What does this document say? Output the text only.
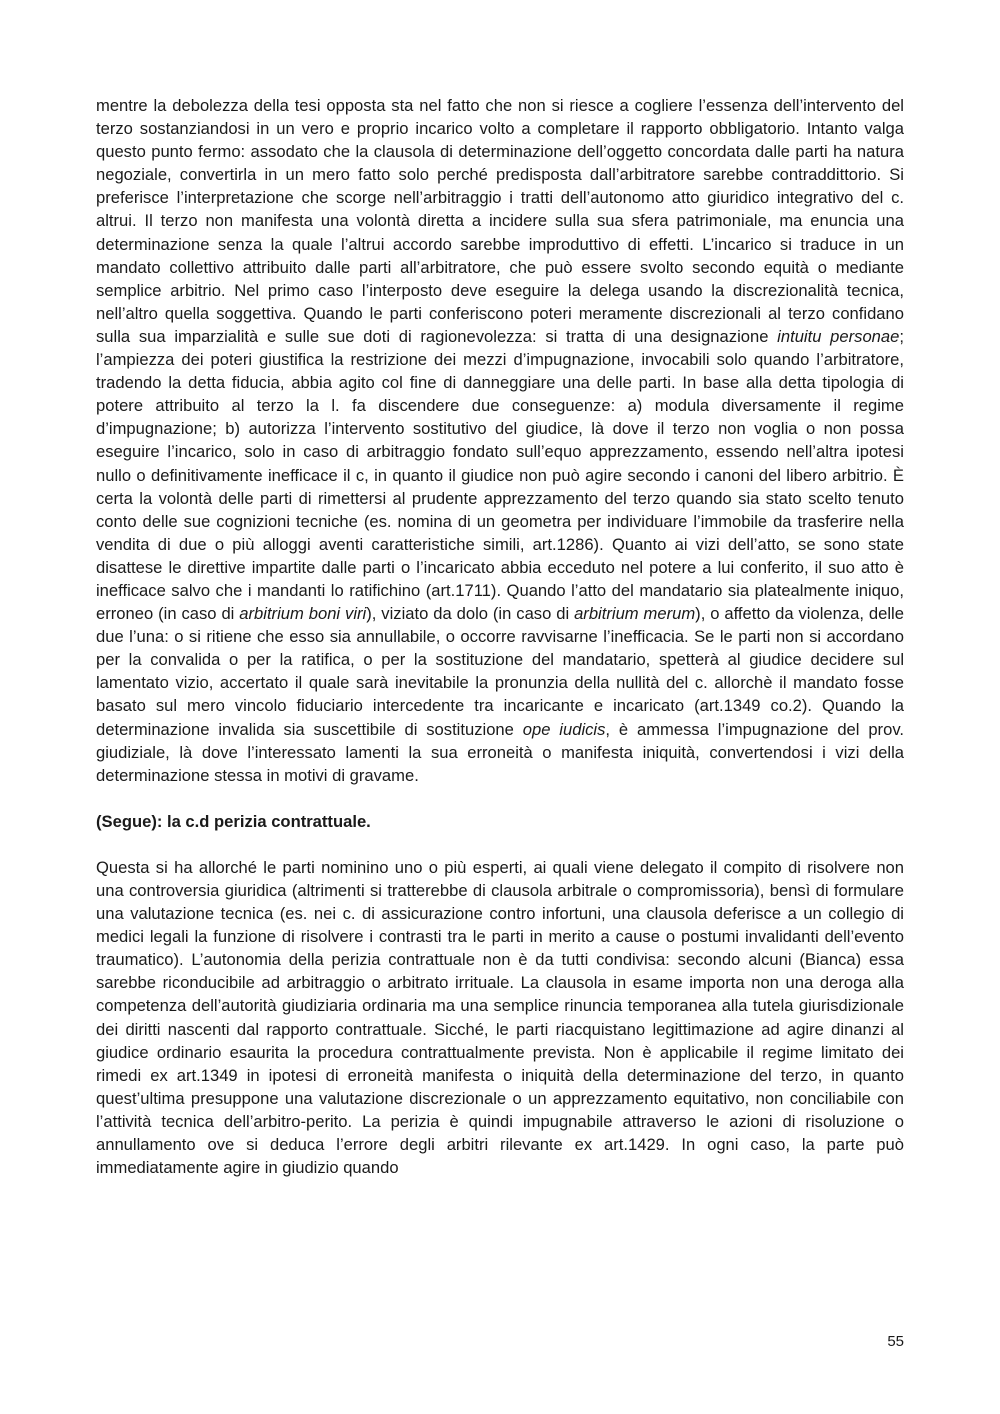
mentre la debolezza della tesi opposta sta nel fatto che non si riesce a cogliere l’essenza dell’intervento del terzo sostanziandosi in un vero e proprio incarico volto a completare il rapporto obbligatorio. Intanto valga questo punto fermo: assodato che la clausola di determinazione dell’oggetto concordata dalle parti ha natura negoziale, convertirla in un mero fatto solo perché predisposta dall’arbitratore sarebbe contraddittorio. Si preferisce l’interpretazione che scorge nell’arbitraggio i tratti dell’autonomo atto giuridico integrativo del c. altrui. Il terzo non manifesta una volontà diretta a incidere sulla sua sfera patrimoniale, ma enuncia una determinazione senza la quale l’altrui accordo sarebbe improduttivo di effetti. L’incarico si traduce in un mandato collettivo attribuito dalle parti all’arbitratore, che può essere svolto secondo equità o mediante semplice arbitrio. Nel primo caso l’interposto deve eseguire la delega usando la discrezionalità tecnica, nell’altro quella soggettiva. Quando le parti conferiscono poteri meramente discrezionali al terzo confidano sulla sua imparzialità e sulle sue doti di ragionevolezza: si tratta di una designazione intuitu personae; l’ampiezza dei poteri giustifica la restrizione dei mezzi d’impugnazione, invocabili solo quando l’arbitratore, tradendo la detta fiducia, abbia agito col fine di danneggiare una delle parti. In base alla detta tipologia di potere attribuito al terzo la l. fa discendere due conseguenze: a) modula diversamente il regime d’impugnazione; b) autorizza l’intervento sostitutivo del giudice, là dove il terzo non voglia o non possa eseguire l’incarico, solo in caso di arbitraggio fondato sull’equo apprezzamento, essendo nell’altra ipotesi nullo o definitivamente inefficace il c, in quanto il giudice non può agire secondo i canoni del libero arbitrio. È certa la volontà delle parti di rimettersi al prudente apprezzamento del terzo quando sia stato scelto tenuto conto delle sue cognizioni tecniche (es. nomina di un geometra per individuare l’immobile da trasferire nella vendita di due o più alloggi aventi caratteristiche simili, art.1286). Quanto ai vizi dell’atto, se sono state disattese le direttive impartite dalle parti o l’incaricato abbia ecceduto nel potere a lui conferito, il suo atto è inefficace salvo che i mandanti lo ratifichino (art.1711). Quando l’atto del mandatario sia platealmente iniquo, erroneo (in caso di arbitrium boni viri), viziato da dolo (in caso di arbitrium merum), o affetto da violenza, delle due l’una: o si ritiene che esso sia annullabile, o occorre ravvisarne l’inefficacia. Se le parti non si accordano per la convalida o per la ratifica, o per la sostituzione del mandatario, spetterà al giudice decidere sul lamentato vizio, accertato il quale sarà inevitabile la pronunzia della nullità del c. allorchè il mandato fosse basato sul mero vincolo fiduciario intercedente tra incaricante e incaricato (art.1349 co.2). Quando la determinazione invalida sia suscettibile di sostituzione ope iudicis, è ammessa l’impugnazione del prov. giudiziale, là dove l’interessato lamenti la sua erroneità o manifesta iniquità, convertendosi i vizi della determinazione stessa in motivi di gravame.

(Segue): la c.d perizia contrattuale.

Questa si ha allorché le parti nominino uno o più esperti, ai quali viene delegato il compito di risolvere non una controversia giuridica (altrimenti si tratterebbe di clausola arbitrale o compromissoria), bensì di formulare una valutazione tecnica (es. nei c. di assicurazione contro infortuni, una clausola deferisce a un collegio di medici legali la funzione di risolvere i contrasti tra le parti in merito a cause o postumi invalidanti dell’evento traumatico). L’autonomia della perizia contrattuale non è da tutti condivisa: secondo alcuni (Bianca) essa sarebbe riconducibile ad arbitraggio o arbitrato irrituale. La clausola in esame importa non una deroga alla competenza dell’autorità giudiziaria ordinaria ma una semplice rinuncia temporanea alla tutela giurisdizionale dei diritti nascenti dal rapporto contrattuale. Sicché, le parti riacquistano legittimazione ad agire dinanzi al giudice ordinario esaurita la procedura contrattualmente prevista. Non è applicabile il regime limitato dei rimedi ex art.1349 in ipotesi di erroneità manifesta o iniquità della determinazione del terzo, in quanto quest’ultima presuppone una valutazione discrezionale o un apprezzamento equitativo, non conciliabile con l’attività tecnica dell’arbitro-perito. La perizia è quindi impugnabile attraverso le azioni di risoluzione o annullamento ove si deduca l’errore degli arbitri rilevante ex art.1429. In ogni caso, la parte può immediatamente agire in giudizio quando

55
